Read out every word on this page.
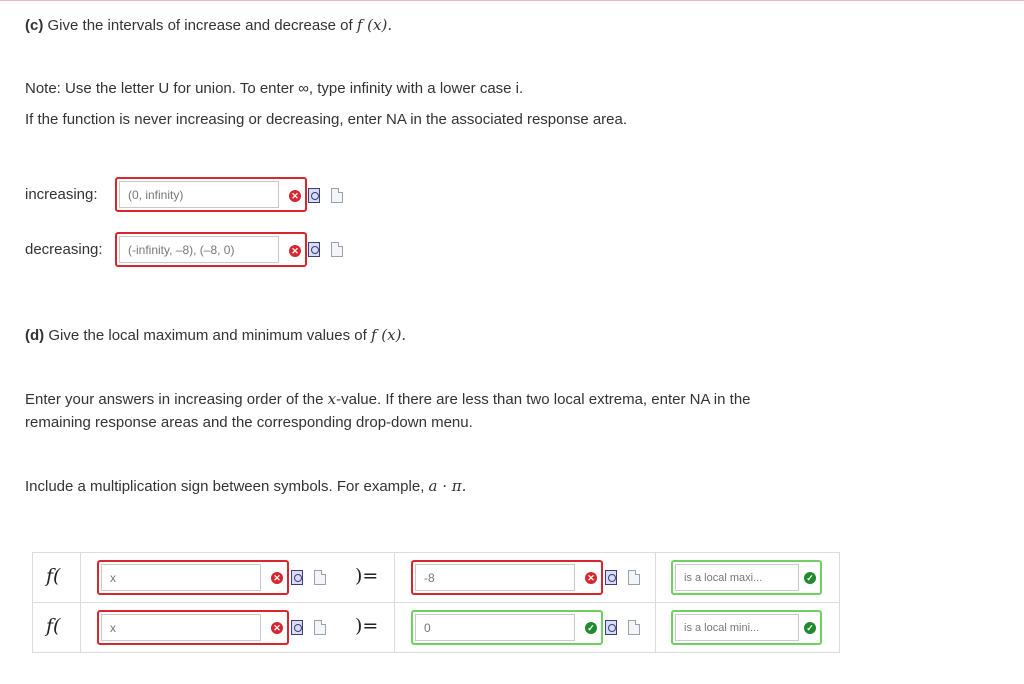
(c) Give the intervals of increase and decrease of f (x).
Note: Use the letter U for union. To enter ∞, type infinity with a lower case i.
If the function is never increasing or decreasing, enter NA in the associated response area.
increasing:	(0, infinity)	✕
decreasing:	(-infinity, –8), (–8, 0)	✕
(d) Give the local maximum and minimum values of f (x).
Enter your answers in increasing order of the x-value. If there are less than two local extrema, enter NA in the
remaining response areas and the corresponding drop-down menu.
Include a multiplication sign between symbols. For example, a · π.
f(	x	✕	)=	-8	✕	is a local maxi...	✓
f(	x	✕	)=	0	✓	is a local mini...	✓
